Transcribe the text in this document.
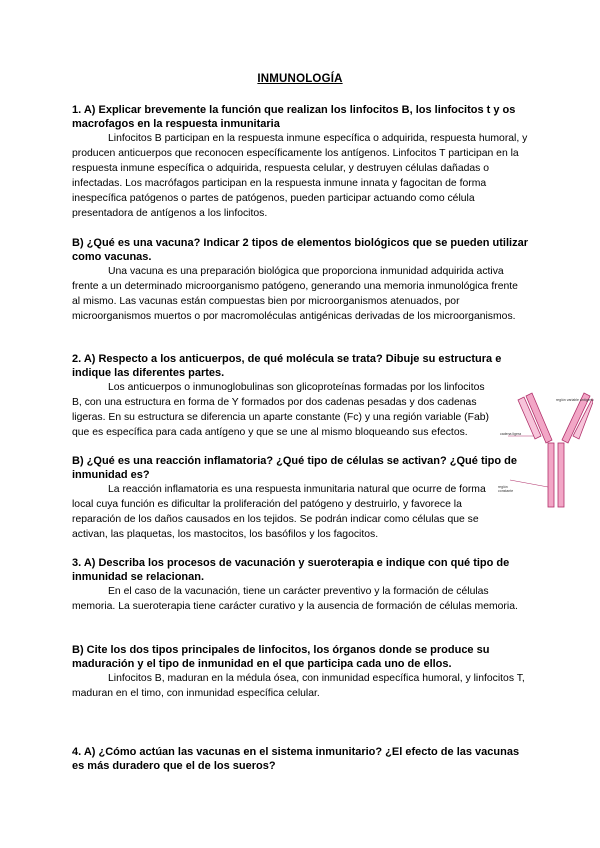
INMUNOLOGÍA

1. A) Explicar brevemente la función que realizan los linfocitos B, los linfocitos t y os macrofagos en la respuesta inmunitaria

Linfocitos B participan en la respuesta inmune específica o adquirida, respuesta humoral, y producen anticuerpos que reconocen específicamente los antígenos. Linfocitos T participan en la respuesta inmune específica o adquirida, respuesta celular, y destruyen células dañadas o infectadas. Los macrófagos participan en la respuesta inmune innata y fagocitan de forma inespecífica patógenos o partes de patógenos, pueden participar actuando como célula presentadora de antígenos a los linfocitos.

B) ¿Qué es una vacuna? Indicar 2 tipos de elementos biológicos que se pueden utilizar como vacunas.

Una vacuna es una preparación biológica que proporciona inmunidad adquirida activa frente a un determinado microorganismo patógeno, generando una memoria inmunológica frente al mismo. Las vacunas están compuestas bien por microorganismos atenuados, por microorganismos muertos o por macromoléculas antigénicas derivadas de los microorganismos.

2. A) Respecto a los anticuerpos, de qué molécula se trata? Dibuje su estructura e indique las diferentes partes.

Los anticuerpos o inmunoglobulinas son glicoproteínas formadas por los linfocitos B, con una estructura en forma de Y formados por dos cadenas pesadas y dos cadenas ligeras. En su estructura se diferencia un aparte constante (Fc) y una región variable (Fab) que es específica para cada antígeno y que se une al mismo bloqueando sus efectos.

B) ¿Qué es una reacción inflamatoria? ¿Qué tipo de células se activan? ¿Qué tipo de inmunidad es?

La reacción inflamatoria es una respuesta inmunitaria natural que ocurre de forma local cuya función es dificultar la proliferación del patógeno y destruirlo, y favorece la reparación de los daños causados en los tejidos. Se podrán indicar como células que se activan, las plaquetas, los mastocitos, los basófilos y los fagocitos.

3. A) Describa los procesos de vacunación y sueroterapia e indique con qué tipo de inmunidad se relacionan.

En el caso de la vacunación, tiene un carácter preventivo y la formación de células memoria. La sueroterapia tiene carácter curativo y la ausencia de formación de células memoria.

B) Cite los dos tipos principales de linfocitos, los órganos donde se produce su maduración y el tipo de inmunidad en el que participa cada uno de ellos.

Linfocitos B, maduran en la médula ósea, con inmunidad específica humoral, y linfocitos T, maduran en el timo, con inmunidad específica celular.

4. A) ¿Cómo actúan las vacunas en el sistema inmunitario? ¿El efecto de las vacunas es más duradero que el de los sueros?

región variable antígeno
cadena ligera
región constante
